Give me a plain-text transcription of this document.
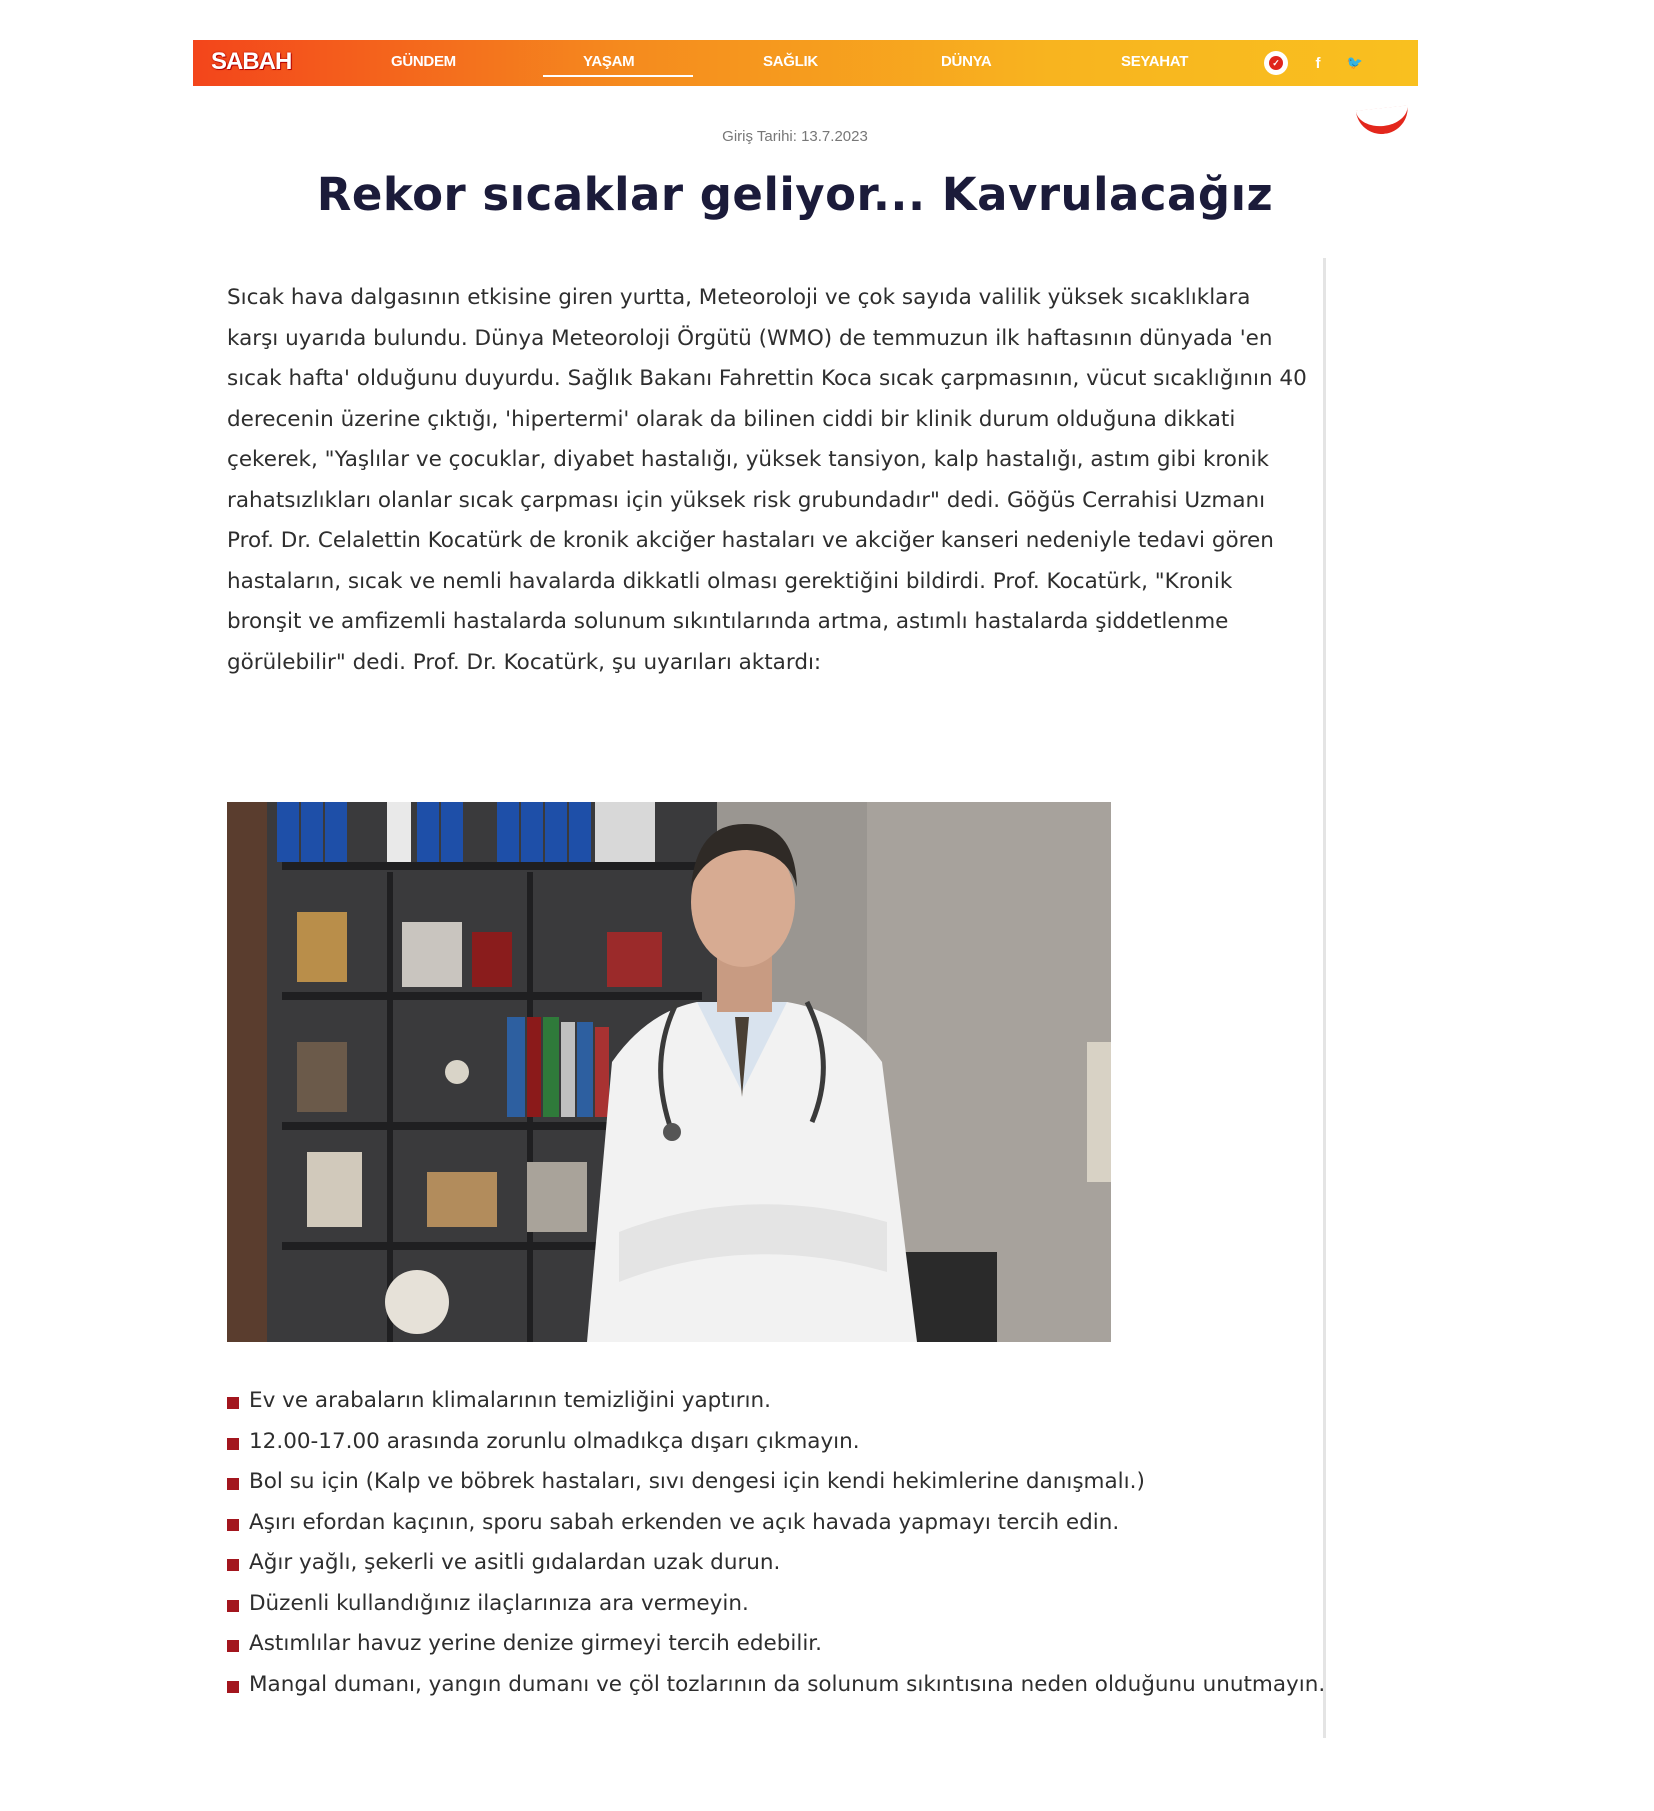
SABAH	GÜNDEM	YAŞAM	SAĞLIK	DÜNYA	SEYAHAT	✓	f	🐦
Giriş Tarihi: 13.7.2023
Rekor sıcaklar geliyor... Kavrulacağız

Sıcak hava dalgasının etkisine giren yurtta, Meteoroloji ve çok sayıda valilik yüksek sıcaklıklara karşı uyarıda bulundu. Dünya Meteoroloji Örgütü (WMO) de temmuzun ilk haftasının dünyada 'en sıcak hafta' olduğunu duyurdu. Sağlık Bakanı Fahrettin Koca sıcak çarpmasının, vücut sıcaklığının 40 derecenin üzerine çıktığı, 'hipertermi' olarak da bilinen ciddi bir klinik durum olduğuna dikkati çekerek, "Yaşlılar ve çocuklar, diyabet hastalığı, yüksek tansiyon, kalp hastalığı, astım gibi kronik rahatsızlıkları olanlar sıcak çarpması için yüksek risk grubundadır" dedi. Göğüs Cerrahisi Uzmanı Prof. Dr. Celalettin Kocatürk de kronik akciğer hastaları ve akciğer kanseri nedeniyle tedavi gören hastaların, sıcak ve nemli havalarda dikkatli olması gerektiğini bildirdi. Prof. Kocatürk, "Kronik bronşit ve amfizemli hastalarda solunum sıkıntılarında artma, astımlı hastalarda şiddetlenme görülebilir" dedi. Prof. Dr. Kocatürk, şu uyarıları aktardı:

Ev ve arabaların klimalarının temizliğini yaptırın.
12.00-17.00 arasında zorunlu olmadıkça dışarı çıkmayın.
Bol su için (Kalp ve böbrek hastaları, sıvı dengesi için kendi hekimlerine danışmalı.)
Aşırı efordan kaçının, sporu sabah erkenden ve açık havada yapmayı tercih edin.
Ağır yağlı, şekerli ve asitli gıdalardan uzak durun.
Düzenli kullandığınız ilaçlarınıza ara vermeyin.
Astımlılar havuz yerine denize girmeyi tercih edebilir.
Mangal dumanı, yangın dumanı ve çöl tozlarının da solunum sıkıntısına neden olduğunu unutmayın.
